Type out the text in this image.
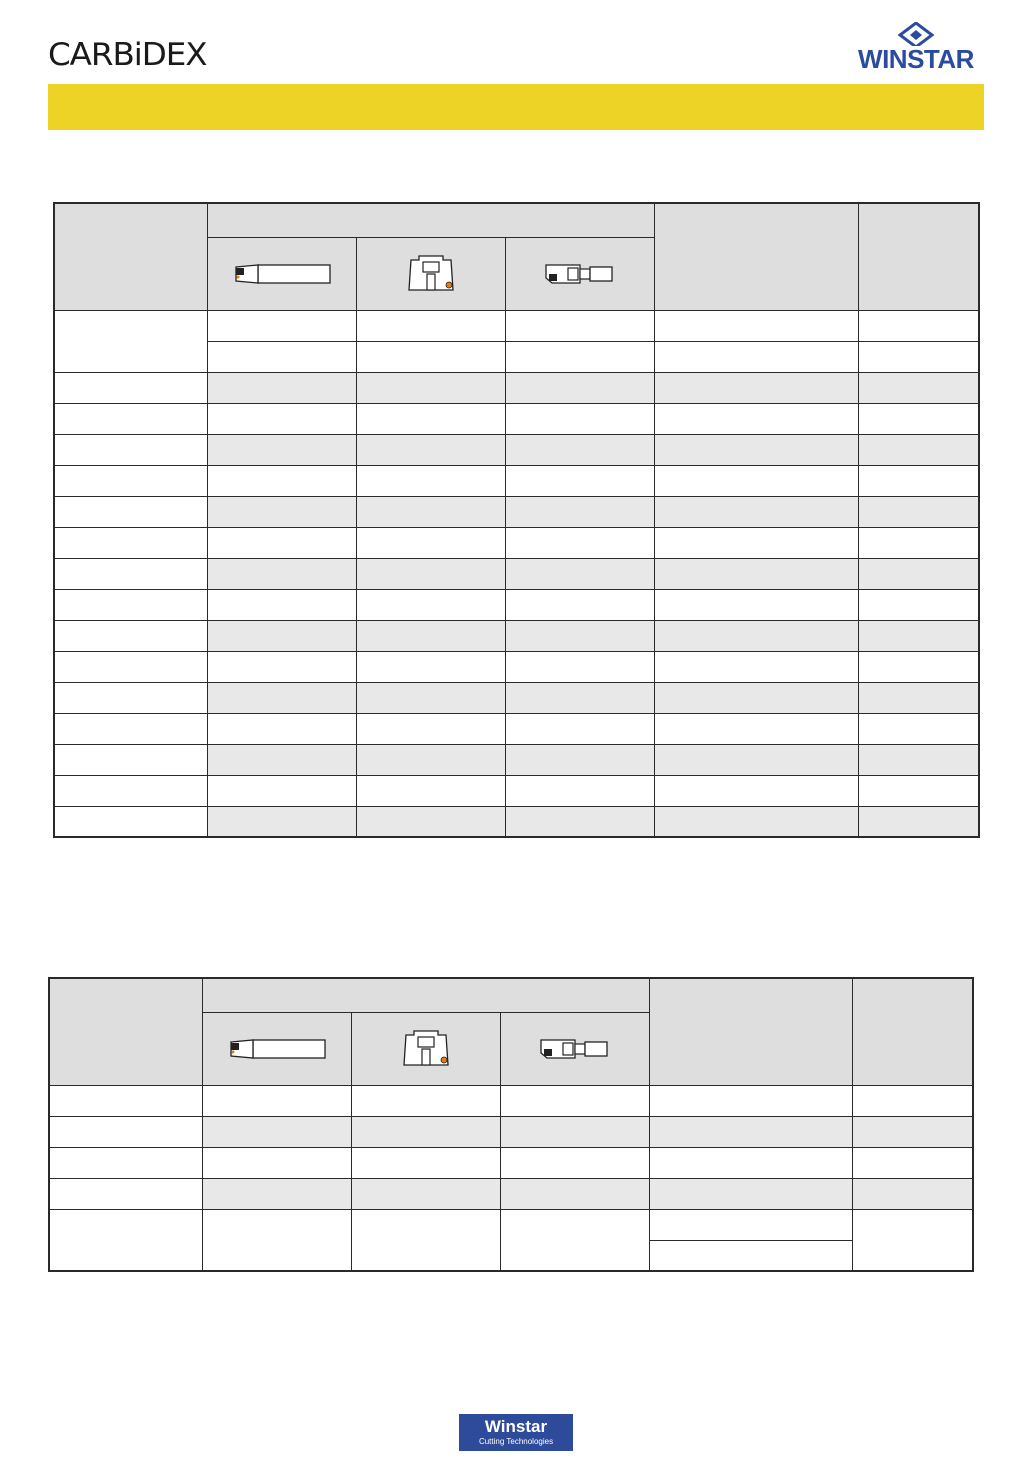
CARBiDEX	WINSTAR

Winstar
Cutting Technologies
